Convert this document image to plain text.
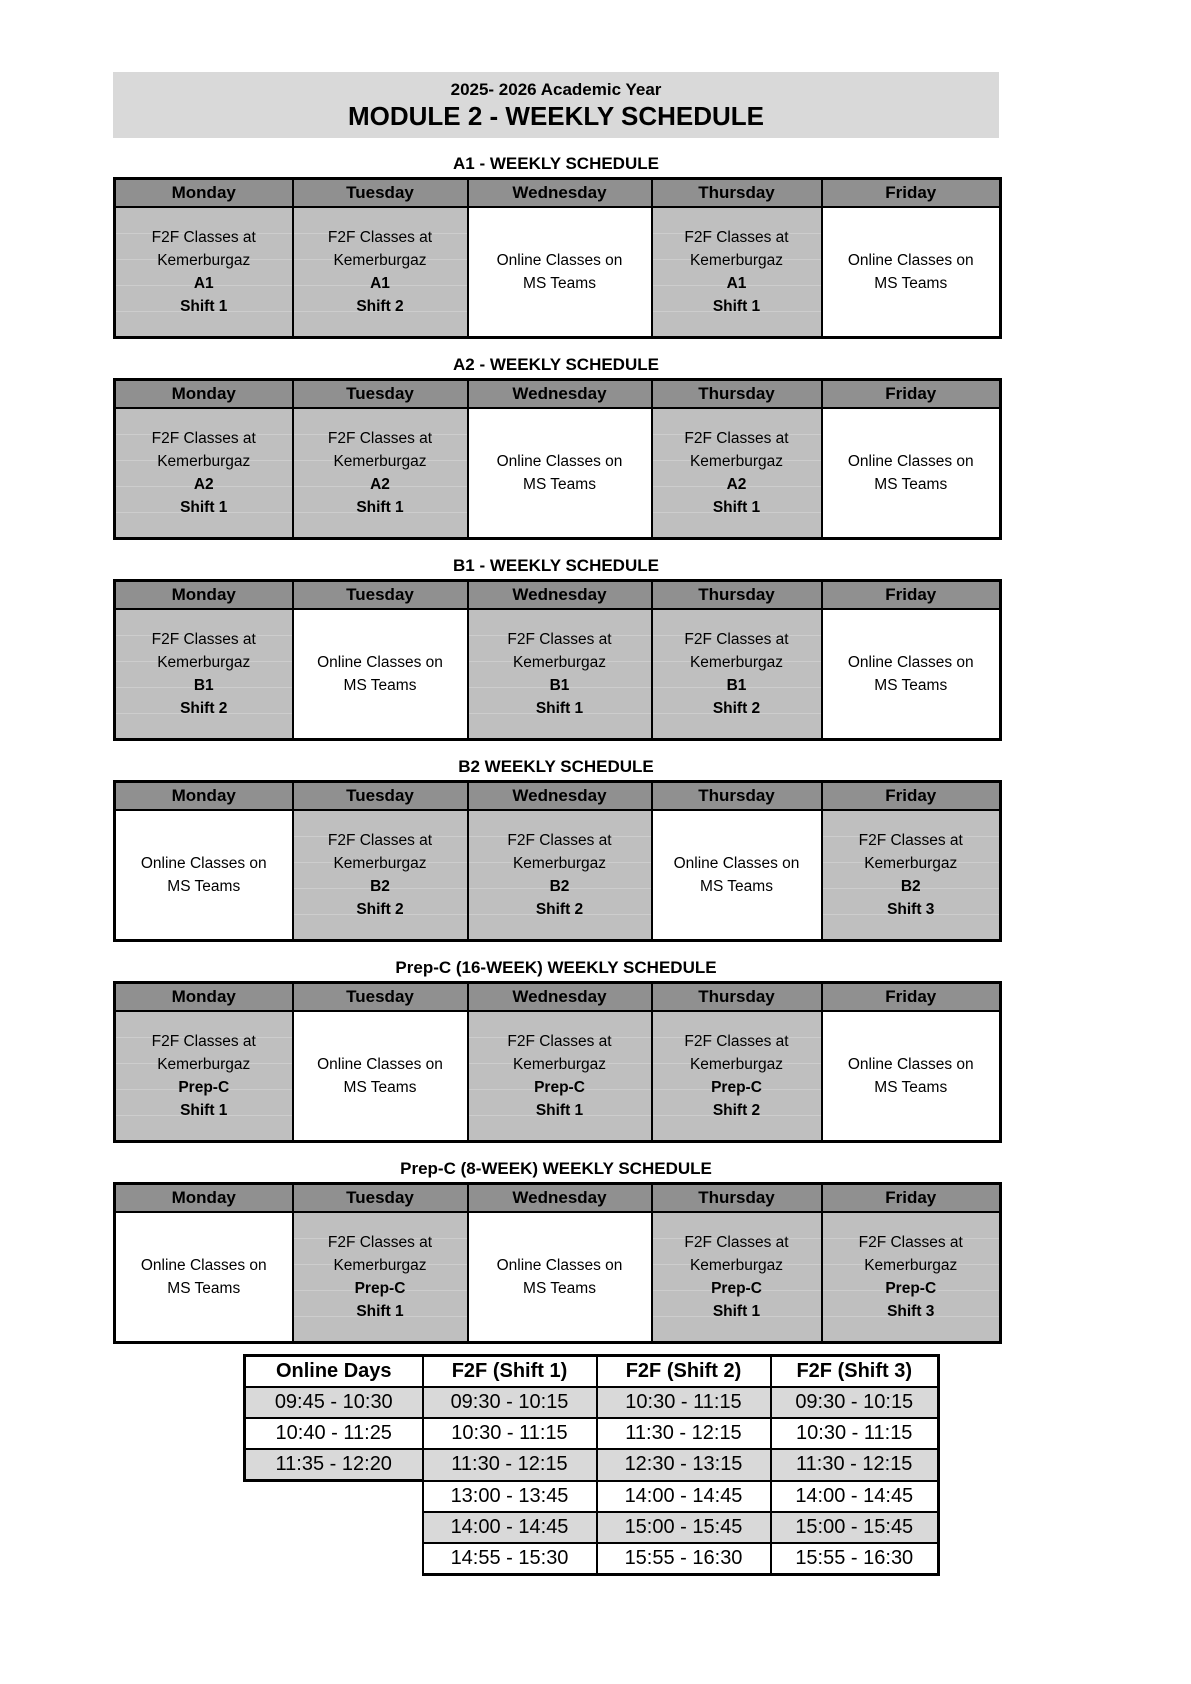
2025- 2026 Academic Year
MODULE 2 - WEEKLY SCHEDULE
A1 - WEEKLY SCHEDULE
Monday	Tuesday	Wednesday	Thursday	Friday

F2F Classes at
Kemerburgaz
A1
Shift 1

F2F Classes at
Kemerburgaz
A1
Shift 2

Online Classes on
MS Teams

F2F Classes at
Kemerburgaz
A1
Shift 1

Online Classes on
MS Teams
A2 - WEEKLY SCHEDULE
Monday	Tuesday	Wednesday	Thursday	Friday

F2F Classes at
Kemerburgaz
A2
Shift 1

F2F Classes at
Kemerburgaz
A2
Shift 1

Online Classes on
MS Teams

F2F Classes at
Kemerburgaz
A2
Shift 1

Online Classes on
MS Teams
B1 - WEEKLY SCHEDULE
Monday	Tuesday	Wednesday	Thursday	Friday

F2F Classes at
Kemerburgaz
B1
Shift 2

Online Classes on
MS Teams

F2F Classes at
Kemerburgaz
B1
Shift 1

F2F Classes at
Kemerburgaz
B1
Shift 2

Online Classes on
MS Teams
B2 WEEKLY SCHEDULE
Monday	Tuesday	Wednesday	Thursday	Friday

Online Classes on
MS Teams

F2F Classes at
Kemerburgaz
B2
Shift 2

F2F Classes at
Kemerburgaz
B2
Shift 2

Online Classes on
MS Teams

F2F Classes at
Kemerburgaz
B2
Shift 3
Prep-C (16-WEEK) WEEKLY SCHEDULE
Monday	Tuesday	Wednesday	Thursday	Friday

F2F Classes at
Kemerburgaz
Prep-C
Shift 1

Online Classes on
MS Teams

F2F Classes at
Kemerburgaz
Prep-C
Shift 1

F2F Classes at
Kemerburgaz
Prep-C
Shift 2

Online Classes on
MS Teams
Prep-C (8-WEEK) WEEKLY SCHEDULE
Monday	Tuesday	Wednesday	Thursday	Friday

Online Classes on
MS Teams

F2F Classes at
Kemerburgaz
Prep-C
Shift 1

Online Classes on
MS Teams

F2F Classes at
Kemerburgaz
Prep-C
Shift 1

F2F Classes at
Kemerburgaz
Prep-C
Shift 3
Online Days	F2F (Shift 1)	F2F (Shift 2)	F2F (Shift 3)
09:45 - 10:30	09:30 - 10:15	10:30 - 11:15	09:30 - 10:15
10:40 - 11:25	10:30 - 11:15	11:30 - 12:15	10:30 - 11:15
11:35 - 12:20	11:30 - 12:15	12:30 - 13:15	11:30 - 12:15
	13:00 - 13:45	14:00 - 14:45	14:00 - 14:45
	14:00 - 14:45	15:00 - 15:45	15:00 - 15:45
	14:55 - 15:30	15:55 - 16:30	15:55 - 16:30
